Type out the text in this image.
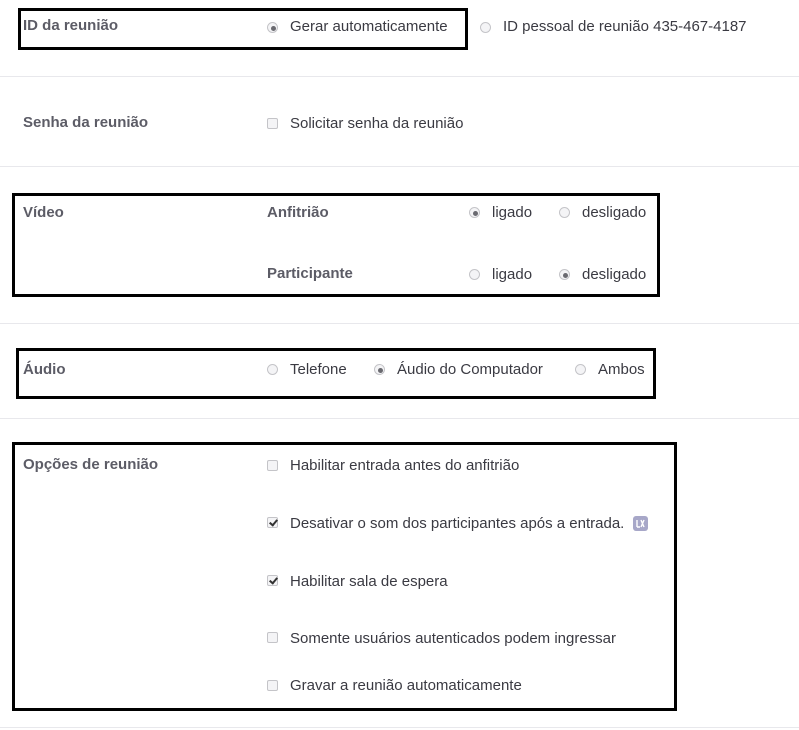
ID da reunião	Gerar automaticamente	ID pessoal de reunião 435-467-4187
Senha da reunião	Solicitar senha da reunião
Vídeo	Anfitrião	ligado	desligado
Participante	ligado	desligado
Áudio	Telefone	Áudio do Computador	Ambos
Opções de reunião	Habilitar entrada antes do anfitrião
Desativar o som dos participantes após a entrada.
Habilitar sala de espera
Somente usuários autenticados podem ingressar
Gravar a reunião automaticamente
